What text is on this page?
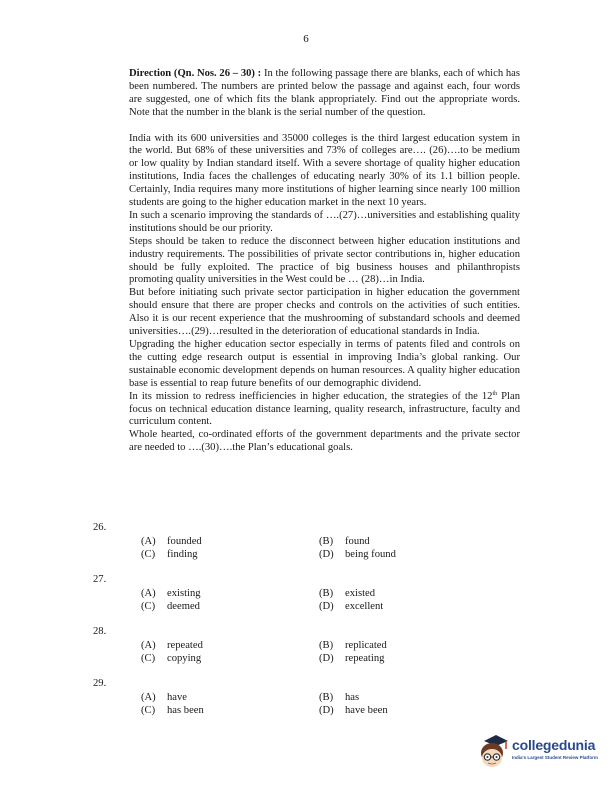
6

Direction (Qn. Nos. 26 – 30) : In the following passage there are blanks, each of which has been numbered. The numbers are printed below the passage and against each, four words are suggested, one of which fits the blank appropriately. Find out the appropriate words. Note that the number in the blank is the serial number of the question.

India with its 600 universities and 35000 colleges is the third largest education system in the world. But 68% of these universities and 73% of colleges are…. (26)….to be medium or low quality by Indian standard itself. With a severe shortage of quality higher education institutions, India faces the challenges of educating nearly 30% of its 1.1 billion people. Certainly, India requires many more institutions of higher learning since nearly 100 million students are going to the higher education market in the next 10 years.

In such a scenario improving the standards of ….(27)…universities and establishing quality institutions should be our priority.

Steps should be taken to reduce the disconnect between higher education institutions and industry requirements. The possibilities of private sector contributions in, higher education should be fully exploited. The practice of big business houses and philanthropists promoting quality universities in the West could be … (28)…in India.

But before initiating such private sector participation in higher education the government should ensure that there are proper checks and controls on the activities of such entities. Also it is our recent experience that the mushrooming of substandard schools and deemed universities….(29)…resulted in the deterioration of educational standards in India.

Upgrading the higher education sector especially in terms of patents filed and controls on the cutting edge research output is essential in improving India’s global ranking. Our sustainable economic development depends on human resources. A quality higher education base is essential to reap future benefits of our demographic dividend.

In its mission to redress inefficiencies in higher education, the strategies of the 12th Plan focus on technical education distance learning, quality research, infrastructure, faculty and curriculum content.

Whole hearted, co-ordinated efforts of the government departments and the private sector are needed to ….(30)….the Plan’s educational goals.

26.
(A) founded	(B) found
(C) finding	(D) being found
27.
(A) existing	(B) existed
(C) deemed	(D) excellent
28.
(A) repeated	(B) replicated
(C) copying	(D) repeating
29.
(A) have	(B) has
(C) has been	(D) have been
collegedunia
India's Largest Student Review Platform
